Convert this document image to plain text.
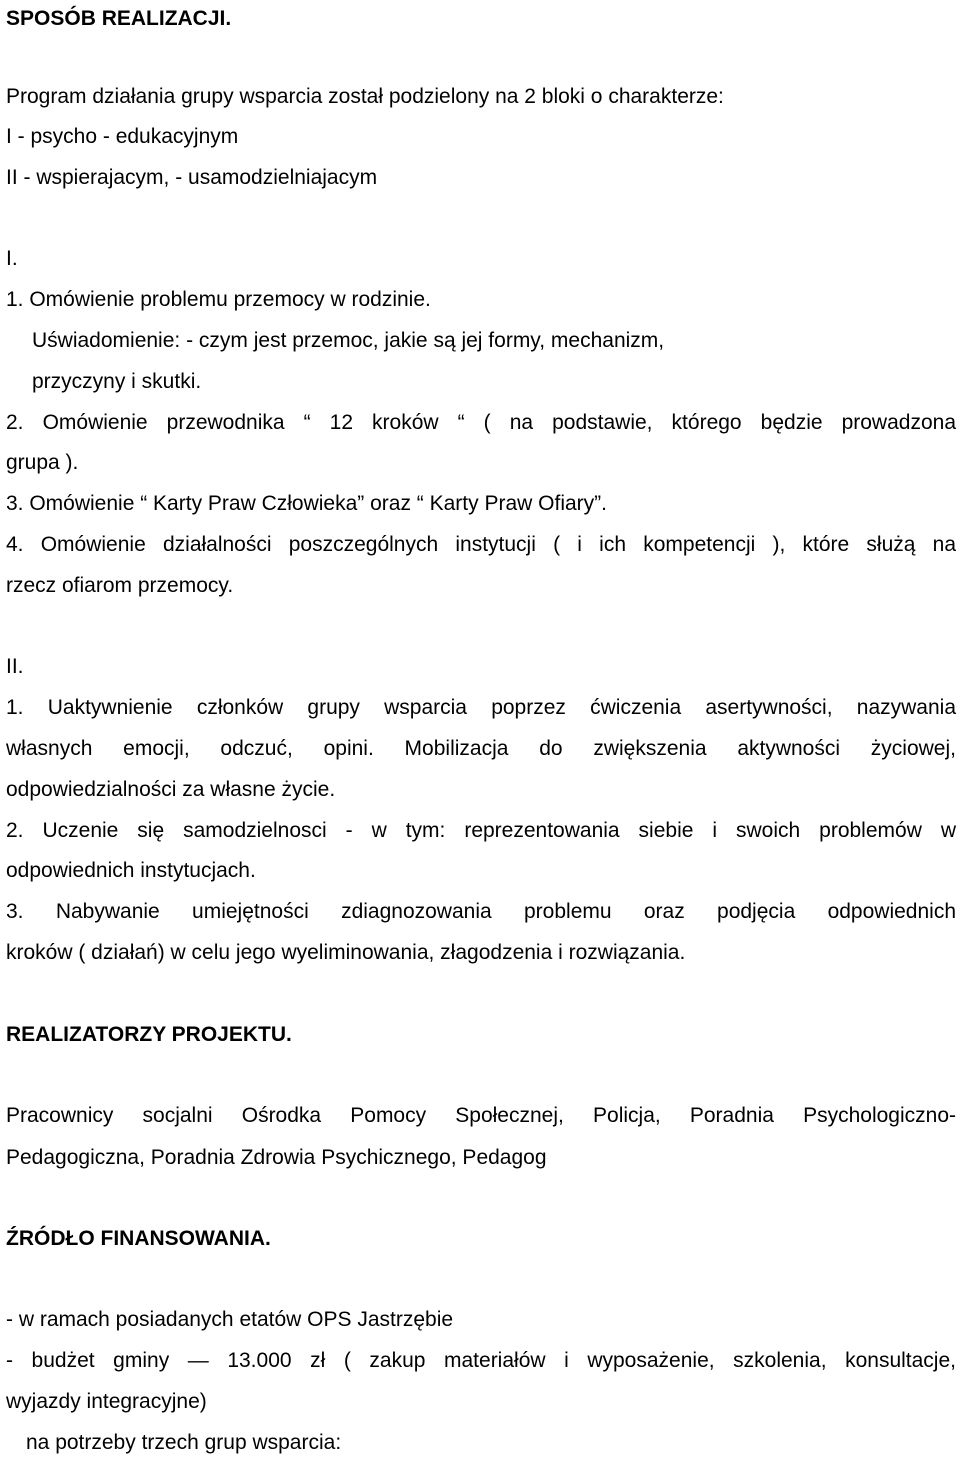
SPOSÓB REALIZACJI.

Program działania grupy wsparcia został podzielony na 2 bloki o charakterze:

I - psycho - edukacyjnym

II - wspierajacym, - usamodzielniajacym

I.

1. Omówienie problemu przemocy w rodzinie.

Uświadomienie: - czym jest przemoc, jakie są jej formy, mechanizm,

przyczyny i skutki.

2. Omówienie przewodnika “ 12 kroków “ ( na podstawie, którego będzie prowadzona

grupa ).

3. Omówienie “ Karty Praw Człowieka” oraz “ Karty Praw Ofiary”.

4. Omówienie działalności poszczególnych instytucji ( i ich kompetencji ), które służą na

rzecz ofiarom przemocy.

II.

1. Uaktywnienie członków grupy wsparcia poprzez ćwiczenia asertywności, nazywania

własnych emocji, odczuć, opini. Mobilizacja do zwiększenia aktywności życiowej,

odpowiedzialności za własne życie.

2. Uczenie się samodzielnosci - w tym: reprezentowania siebie i swoich problemów w

odpowiednich instytucjach.

3. Nabywanie umiejętności zdiagnozowania problemu oraz podjęcia odpowiednich

kroków ( działań) w celu jego wyeliminowania, złagodzenia i rozwiązania.

REALIZATORZY PROJEKTU.

Pracownicy socjalni Ośrodka Pomocy Społecznej, Policja, Poradnia Psychologiczno-

Pedagogiczna, Poradnia Zdrowia Psychicznego, Pedagog

ŹRÓDŁO FINANSOWANIA.

- w ramach posiadanych etatów OPS Jastrzębie

- budżet gminy — 13.000 zł ( zakup materiałów i wyposażenie, szkolenia, konsultacje,

wyjazdy integracyjne)

na potrzeby trzech grup wsparcia:
